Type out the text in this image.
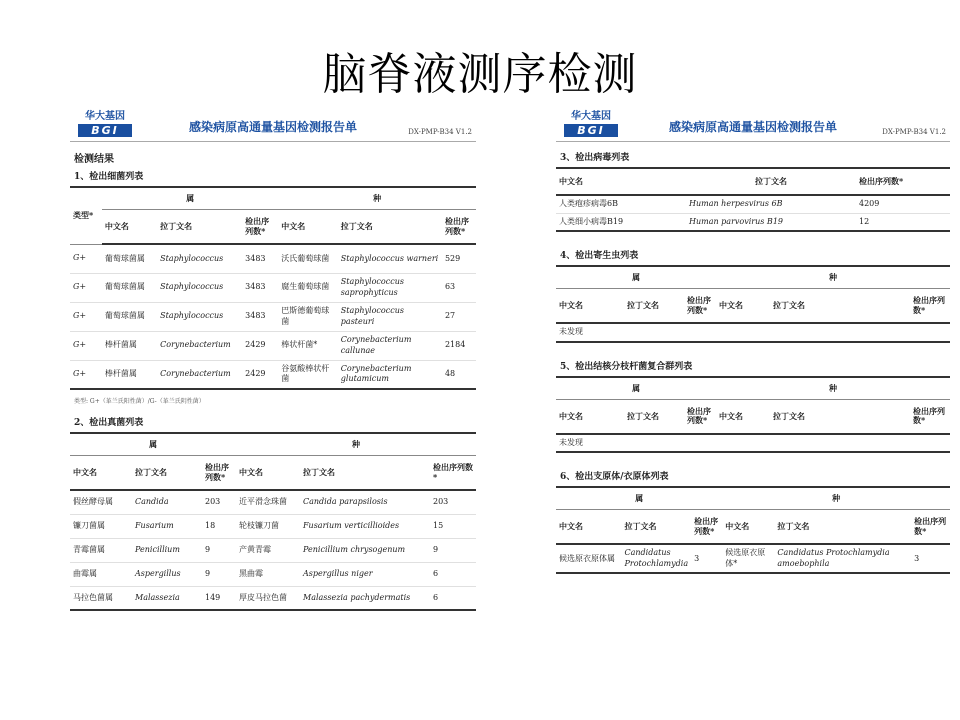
脑脊液测序检测
华大基因
BGI	感染病原高通量基因检测报告单	DX-PMP-B34 V1.2
检测结果
1、检出细菌列表
类型*	属			种		
	中文名	拉丁文名	检出序列数*	中文名	拉丁文名	检出序列数*
G+	葡萄球菌属	Staphylococcus	3483	沃氏葡萄球菌	Staphylococcus warneri	529
G+	葡萄球菌属	Staphylococcus	3483	腐生葡萄球菌	Staphylococcus saprophyticus	63
G+	葡萄球菌属	Staphylococcus	3483	巴斯德葡萄球菌	Staphylococcus pasteuri	27
G+	棒杆菌属	Corynebacterium	2429	棒状杆菌*	Corynebacterium callunae	2184
G+	棒杆菌属	Corynebacterium	2429	谷氨酸棒状杆菌	Corynebacterium glutamicum	48
类型: G+（革兰氏阳性菌）/G-（革兰氏阴性菌）
2、检出真菌列表
属			种		
中文名	拉丁文名	检出序列数*	中文名	拉丁文名	检出序列数*
假丝酵母属	Candida	203	近平滑念珠菌	Candida parapsilosis	203
镰刀菌属	Fusarium	18	轮枝镰刀菌	Fusarium verticillioides	15
青霉菌属	Penicillium	9	产黄青霉	Penicillium chrysogenum	9
曲霉属	Aspergillus	9	黑曲霉	Aspergillus niger	6
马拉色菌属	Malassezia	149	厚皮马拉色菌	Malassezia pachydermatis	6
华大基因
BGI	感染病原高通量基因检测报告单	DX-PMP-B34 V1.2
3、检出病毒列表
中文名	拉丁文名	检出序列数*
人类疱疹病毒6B	Human herpesvirus 6B	4209
人类细小病毒B19	Human parvovirus B19	12
4、检出寄生虫列表
属			种		
中文名	拉丁文名	检出序列数*	中文名	拉丁文名	检出序列数*
未发现					
5、检出结核分枝杆菌复合群列表
属			种		
中文名	拉丁文名	检出序列数*	中文名	拉丁文名	检出序列数*
未发现					
6、检出支原体/衣原体列表
属			种		
中文名	拉丁文名	检出序列数*	中文名	拉丁文名	检出序列数*
候选原衣原体属	Candidatus Protochlamydia	3	候选原衣原体*	Candidatus Protochlamydia amoebophila	3
